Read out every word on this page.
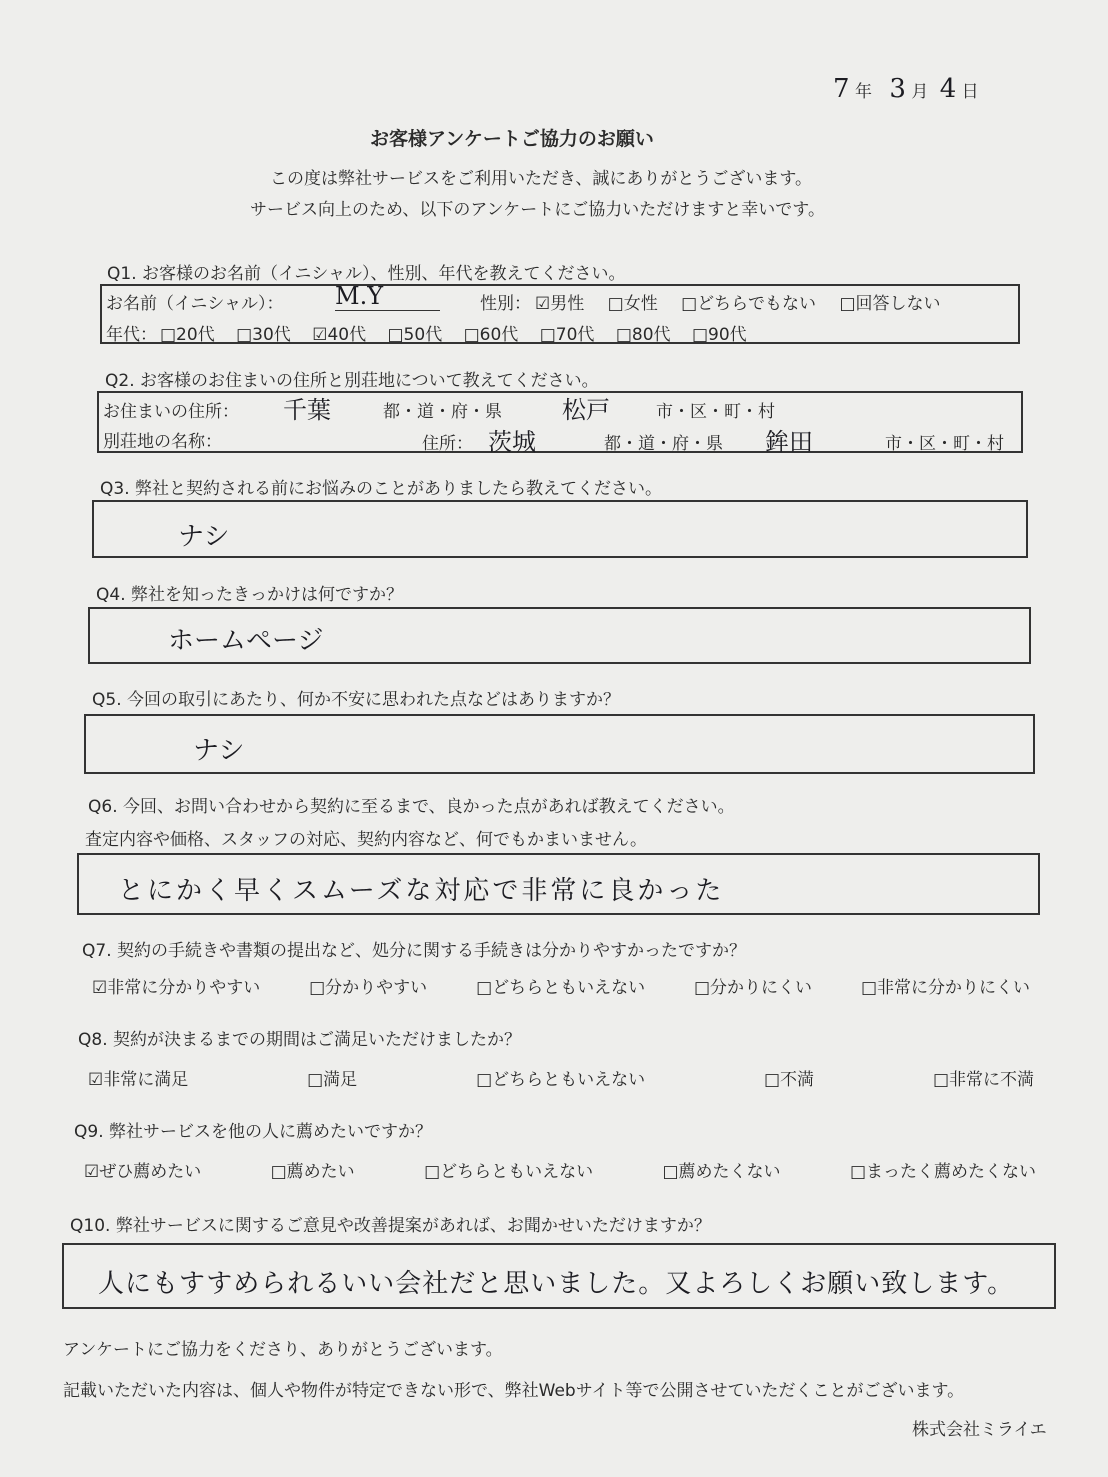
7 年 3 月 4 日
お客様アンケートご協力のお願い
この度は弊社サービスをご利用いただき、誠にありがとうございます。
サービス向上のため、以下のアンケートにご協力いただけますと幸いです。
Q1. お客様のお名前（イニシャル）、性別、年代を教えてください。
お名前（イニシャル）： M.Y	性別： ☑男性 □女性 □どちらでもない □回答しない
年代： □20代 □30代 ☑40代 □50代 □60代 □70代 □80代 □90代
Q2. お客様のお住まいの住所と別荘地について教えてください。
お住まいの住所： 千葉	都・道・府・県	松戸	市・区・町・村
別荘地の名称：	住所： 茨城	都・道・府・県 鉾田	市・区・町・村
Q3. 弊社と契約される前にお悩みのことがありましたら教えてください。
ナシ
Q4. 弊社を知ったきっかけは何ですか？
ホームページ
Q5. 今回の取引にあたり、何か不安に思われた点などはありますか？
ナシ
Q6. 今回、お問い合わせから契約に至るまで、良かった点があれば教えてください。
査定内容や価格、スタッフの対応、契約内容など、何でもかまいません。
とにかく早くスムーズな対応で非常に良かった
Q7. 契約の手続きや書類の提出など、処分に関する手続きは分かりやすかったですか？
☑非常に分かりやすい	□分かりやすい	□どちらともいえない	□分かりにくい	□非常に分かりにくい
Q8. 契約が決まるまでの期間はご満足いただけましたか？
☑非常に満足	□満足	□どちらともいえない	□不満	□非常に不満
Q9. 弊社サービスを他の人に薦めたいですか？
☑ぜひ薦めたい	□薦めたい	□どちらともいえない	□薦めたくない	□まったく薦めたくない
Q10. 弊社サービスに関するご意見や改善提案があれば、お聞かせいただけますか？
人にもすすめられるいい会社だと思いました。又よろしくお願い致します。
アンケートにご協力をくださり、ありがとうございます。
記載いただいた内容は、個人や物件が特定できない形で、弊社Webサイト等で公開させていただくことがございます。
株式会社ミライエ
